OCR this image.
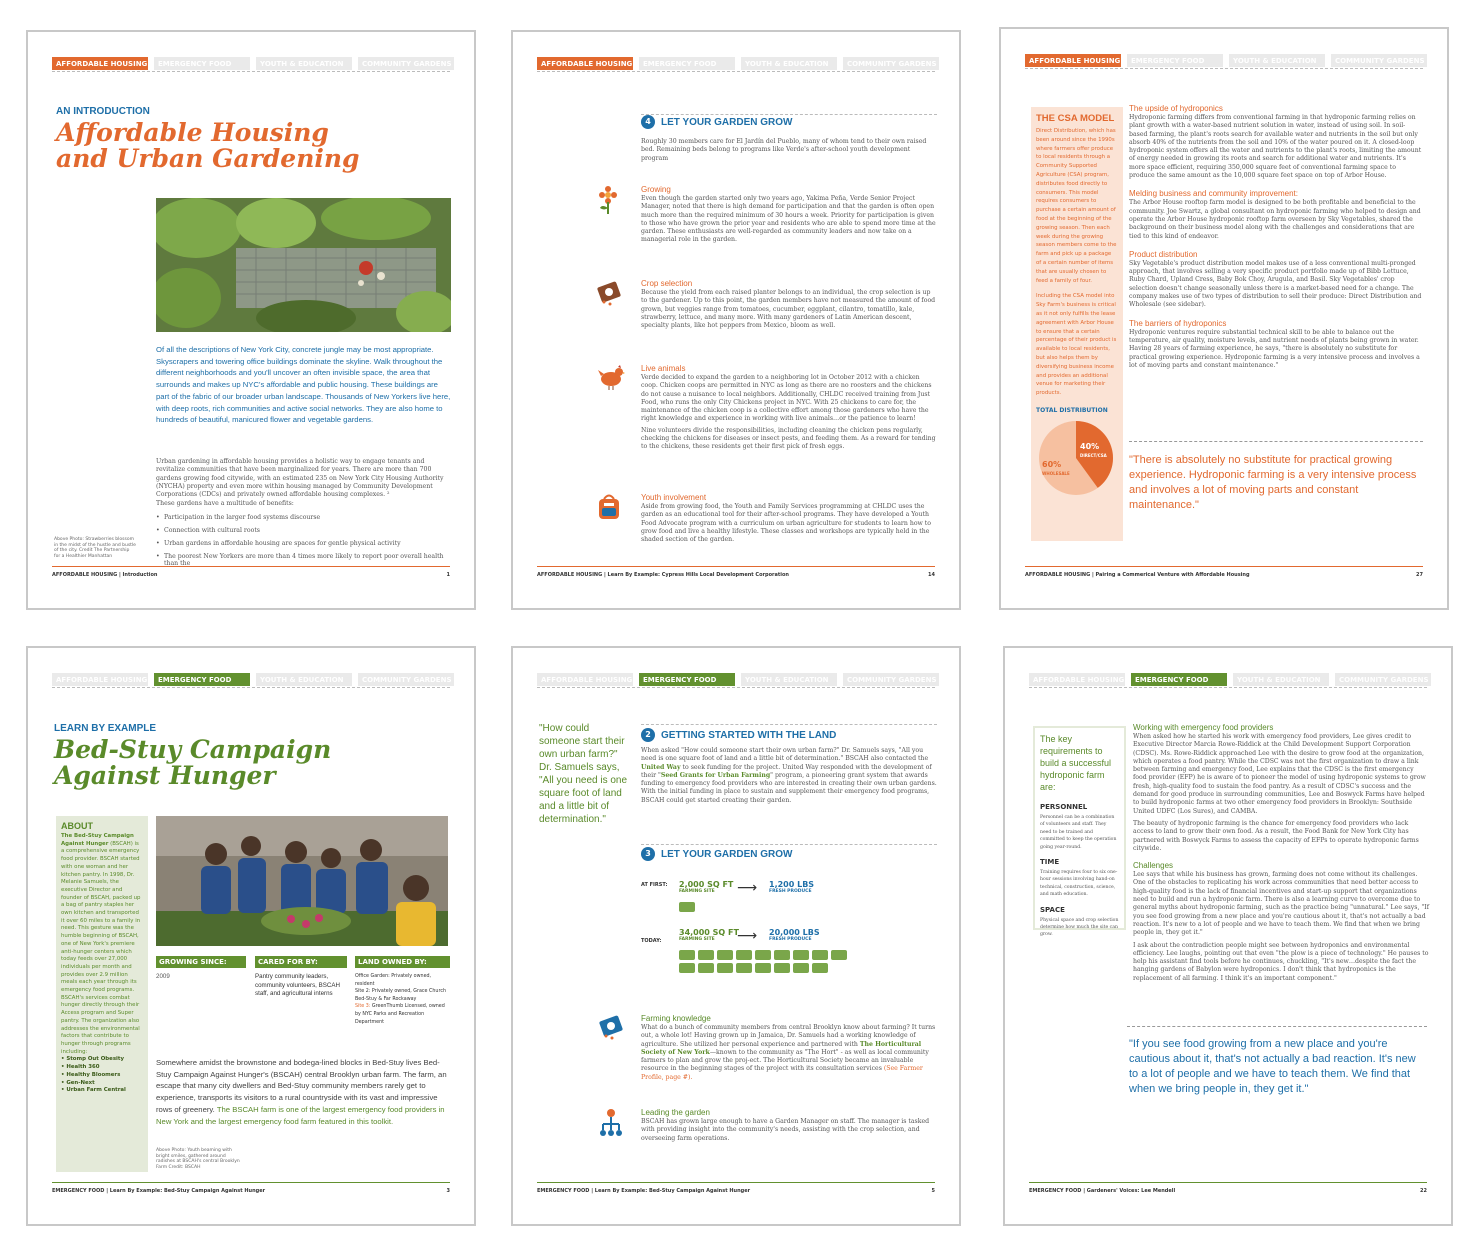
AFFORDABLE HOUSING	EMERGENCY FOOD	YOUTH & EDUCATION	COMMUNITY GARDENS
AN INTRODUCTION
Affordable Housing
and Urban Gardening
Of all the descriptions of New York City, concrete jungle may be most appropriate. Skyscrapers and towering office buildings dominate the skyline. Walk throughout the different neighborhoods and you'll uncover an often invisible space, the area that surrounds and makes up NYC's affordable and public housing. These buildings are part of the fabric of our broader urban landscape. Thousands of New Yorkers live here, with deep roots, rich communities and active social networks. They are also home to hundreds of beautiful, manicured flower and vegetable gardens.
Urban gardening in affordable housing provides a holistic way to engage tenants and revitalize communities that have been marginalized for years. There are more than 700 gardens growing food citywide, with an estimated 235 on New York City Housing Authority (NYCHA) property and even more within housing managed by Community Development Corporations (CDCs) and privately owned affordable housing complexes. ²
These gardens have a multitude of benefits:
• Participation in the larger food systems discourse
• Connection with cultural roots
• Urban gardens in affordable housing are spaces for gentle physical activity
• The poorest New Yorkers are more than 4 times more likely to report poor overall health than the
Above Photo: Strawberries blossom in the midst of the hustle and bustle of the city. Credit The Partnership for a Healthier Manhattan
AFFORDABLE HOUSING | Introduction	1
AFFORDABLE HOUSING	EMERGENCY FOOD	YOUTH & EDUCATION	COMMUNITY GARDENS
4	LET YOUR GARDEN GROW
Roughly 30 members care for El Jardín del Pueblo, many of whom tend to their own raised bed. Remaining beds belong to programs like Verde's after-school youth development program
Growing
Even though the garden started only two years ago, Yakima Peña, Verde Senior Project Manager, noted that there is high demand for participation and that the garden is often open much more than the required minimum of 30 hours a week. Priority for participation is given to those who have grown the prior year and residents who are able to spend more time at the garden. These enthusiasts are well-regarded as community leaders and now take on a managerial role in the garden.
Crop selection
Because the yield from each raised planter belongs to an individual, the crop selection is up to the gardener. Up to this point, the garden members have not measured the amount of food grown, but veggies range from tomatoes, cucumber, eggplant, cilantro, tomatillo, kale, strawberry, lettuce, and many more. With many gardeners of Latin American descent, specialty plants, like hot peppers from Mexico, bloom as well.
Live animals
Verde decided to expand the garden to a neighboring lot in October 2012 with a chicken coop. Chicken coops are permitted in NYC as long as there are no roosters and the chickens do not cause a nuisance to local neighbors. Additionally, CHLDC received training from Just Food, who runs the only City Chickens project in NYC. With 25 chickens to care for, the maintenance of the chicken coop is a collective effort among those gardeners who have the right knowledge and experience in working with live animals…or the patience to learn!
Nine volunteers divide the responsibilities, including cleaning the chicken pens regularly, checking the chickens for diseases or insect pests, and feeding them. As a reward for tending to the chickens, these residents get their first pick of fresh eggs.
Youth involvement
Aside from growing food, the Youth and Family Services programming at CHLDC uses the garden as an educational tool for their after-school programs. They have developed a Youth Food Advocate program with a curriculum on urban agriculture for students to learn how to grow food and live a healthy lifestyle. These classes and workshops are typically held in the shaded section of the garden.
AFFORDABLE HOUSING | Learn By Example: Cypress Hills Local Development Corporation	14
AFFORDABLE HOUSING	EMERGENCY FOOD	YOUTH & EDUCATION	COMMUNITY GARDENS
THE CSA MODEL
Direct Distribution, which has been around since the 1990s where farmers offer produce to local residents through a Community Supported Agriculture (CSA) program, distributes food directly to consumers. This model requires consumers to purchase a certain amount of food at the beginning of the growing season. Then each week during the growing season members come to the farm and pick up a package of a certain number of items that are usually chosen to feed a family of four.
Including the CSA model into Sky Farm's business is critical as it not only fulfills the lease agreement with Arbor House to ensure that a certain percentage of their product is available to local residents, but also helps them by diversifying business income and provides an additional venue for marketing their products.
TOTAL DISTRIBUTION
40%
DIRECT/CSA
60%
WHOLESALE
The upside of hydroponics
Hydroponic farming differs from conventional farming in that hydroponic farming relies on plant growth with a water-based nutrient solution in water, instead of using soil. In soil-based farming, the plant's roots search for available water and nutrients in the soil but only absorb 40% of the nutrients from the soil and 10% of the water poured on it. A closed-loop hydroponic system offers all the water and nutrients to the plant's roots, limiting the amount of energy needed in growing its roots and search for additional water and nutrients. It's more space efficient, requiring 350,000 square feet of conventional farming space to produce the same amount as the 10,000 square feet space on top of Arbor House.
Melding business and community improvement:
The Arbor House rooftop farm model is designed to be both profitable and beneficial to the community. Joe Swartz, a global consultant on hydroponic farming who helped to design and operate the Arbor House hydroponic rooftop farm overseen by Sky Vegetables, shared the background on their business model along with the challenges and considerations that are tied to this kind of endeavor.
Product distribution
Sky Vegetable's product distribution model makes use of a less conventional multi-pronged approach, that involves selling a very specific product portfolio made up of Bibb Lettuce, Ruby Chard, Upland Cress, Baby Bok Choy, Arugula, and Basil. Sky Vegetables' crop selection doesn't change seasonally unless there is a market-based need for a change. The company makes use of two types of distribution to sell their produce: Direct Distribution and Wholesale (see sidebar).
The barriers of hydroponics
Hydroponic ventures require substantial technical skill to be able to balance out the temperature, air quality, moisture levels, and nutrient needs of plants being grown in water. Having 28 years of farming experience, he says, "there is absolutely no substitute for practical growing experience. Hydroponic farming is a very intensive process and involves a lot of moving parts and constant maintenance."
"There is absolutely no substitute for practical growing experience. Hydroponic farming is a very intensive process and involves a lot of moving parts and constant maintenance."
AFFORDABLE HOUSING | Pairing a Commerical Venture with Affordable Housing	27
AFFORDABLE HOUSING	EMERGENCY FOOD	YOUTH & EDUCATION	COMMUNITY GARDENS
LEARN BY EXAMPLE
Bed-Stuy Campaign
Against Hunger
ABOUT
The Bed-Stuy Campaign Against Hunger (BSCAH) is a comprehensive emergency food provider. BSCAH started with one woman and her kitchen pantry. In 1998, Dr. Melanie Samuels, the executive Director and founder of BSCAH, packed up a bag of pantry staples her own kitchen and transported it over 60 miles to a family in need. This gesture was the humble beginning of BSCAH, one of New York's premiere anti-hunger centers which today feeds over 27,000 individuals per month and provides over 2.9 million meals each year through its emergency food programs. BSCAH's services combat hunger directly through their Access program and Super pantry. The organization also addresses the environmental factors that contribute to hunger through programs including:
• Stomp Out Obesity
• Health 360
• Healthy Bloomers
• Gen-Next
• Urban Farm Central
GROWING SINCE:
2009
CARED FOR BY:
Pantry community leaders, community volunteers, BSCAH staff, and agricultural interns
LAND OWNED BY:
Office Garden: Privately owned, resident
Site 2: Privately owned, Grace Church Bed-Stuy & Far Rockaway
Site 3: GreenThumb Licensed, owned by NYC Parks and Recreation Department
Somewhere amidst the brownstone and bodega-lined blocks in Bed-Stuy lives Bed-Stuy Campaign Against Hunger's (BSCAH) central Brooklyn urban farm. The farm, an escape that many city dwellers and Bed-Stuy community members rarely get to experience, transports its visitors to a rural countryside with its vast and impressive rows of greenery. The BSCAH farm is one of the largest emergency food providers in New York and the largest emergency food farm featured in this toolkit.
Above Photo: Youth beaming with bright smiles, gathered around radishes at BSCAH's central Brooklyn Farm Credit: BSCAH
EMERGENCY FOOD | Learn By Example: Bed-Stuy Campaign Against Hunger	3
AFFORDABLE HOUSING	EMERGENCY FOOD	YOUTH & EDUCATION	COMMUNITY GARDENS
"How could someone start their own urban farm?" Dr. Samuels says, "All you need is one square foot of land and a little bit of determination."
2	GETTING STARTED WITH THE LAND
When asked "How could someone start their own urban farm?" Dr. Samuels says, "All you need is one square foot of land and a little bit of determination." BSCAH also contacted the United Way to seek funding for the project. United Way responded with the development of their "Seed Grants for Urban Farming" program, a pioneering grant system that awards funding to emergency food providers who are interested in creating their own urban gardens. With the initial funding in place to sustain and supplement their emergency food programs, BSCAH could get started creating their garden.
3	LET YOUR GARDEN GROW
AT FIRST: 2,000 SQ FT
FARMING SITE	⟶ 1,200 LBS
FRESH PRODUCE
TODAY:
34,000 SQ FT
FARMING SITE	⟶ 20,000 LBS
FRESH PRODUCE
Farming knowledge
What do a bunch of community members from central Brooklyn know about farming? It turns out, a whole lot! Having grown up in Jamaica, Dr. Samuels had a working knowledge of agriculture. She utilized her personal experience and partnered with The Horticultural Society of New York—known to the community as "The Hort" - as well as local community farmers to plan and grow the proj-ect. The Horticultural Society became an invaluable resource in the beginning stages of the project with its consultation services (See Farmer Profile, page #).
Leading the garden
BSCAH has grown large enough to have a Garden Manager on staff. The manager is tasked with providing insight into the community's needs, assisting with the crop selection, and overseeing farm operations.
EMERGENCY FOOD | Learn By Example: Bed-Stuy Campaign Against Hunger	5
AFFORDABLE HOUSING	EMERGENCY FOOD	YOUTH & EDUCATION	COMMUNITY GARDENS
The key requirements to build a successful hydroponic farm are:
PERSONNEL
Personnel can be a combination of volunteers and staff. They need to be trained and committed to keep the operation going year-round.
TIME
Training requires four to six one-hour sessions involving hand-on technical, construction, science, and math education.
SPACE
Physical space and crop selection determine how much the site can grow.
Working with emergency food providers
When asked how he started his work with emergency food providers, Lee gives credit to Executive Director Marcia Rowe-Riddick at the Child Development Support Corporation (CDSC). Ms. Rowe-Riddick approached Lee with the desire to grow food at the organization, which operates a food pantry. While the CDSC was not the first organization to draw a link between farming and emergency food, Lee explains that the CDSC is the first emergency food provider (EFP) he is aware of to pioneer the model of using hydroponic systems to grow fresh, high-quality food to sustain the food pantry. As a result of CDSC's success and the demand for good produce in surrounding communities, Lee and Boswyck Farms have helped to build hydroponic farms at two other emergency food providers in Brooklyn: Southside United UDFC (Los Sures), and CAMBA.
The beauty of hydroponic farming is the chance for emergency food providers who lack access to land to grow their own food. As a result, the Food Bank for New York City has partnered with Boswyck Farms to assess the capacity of EFPs to operate hydroponic farms citywide.
Challenges
Lee says that while his business has grown, farming does not come without its challenges. One of the obstacles to replicating his work across communities that need better access to high-quality food is the lack of financial incentives and start-up support that organizations need to build and run a hydroponic farm. There is also a learning curve to overcome due to general myths about hydroponic farming, such as the practice being "unnatural." Lee says, "If you see food growing from a new place and you're cautious about it, that's not actually a bad reaction. It's new to a lot of people and we have to teach them. We find that when we bring people in, they get it."
I ask about the contradiction people might see between hydroponics and environmental efficiency. Lee laughs, pointing out that even "the plow is a piece of technology." He pauses to help his assistant find tools before he continues, chuckling, "It's new…despite the fact the hanging gardens of Babylon were hydroponics. I don't think that hydroponics is the replacement of all farming. I think it's an important component."
"If you see food growing from a new place and you're cautious about it, that's not actually a bad reaction. It's new to a lot of people and we have to teach them. We find that when we bring people in, they get it."
EMERGENCY FOOD | Gardeners' Voices: Lee Mendell	22
